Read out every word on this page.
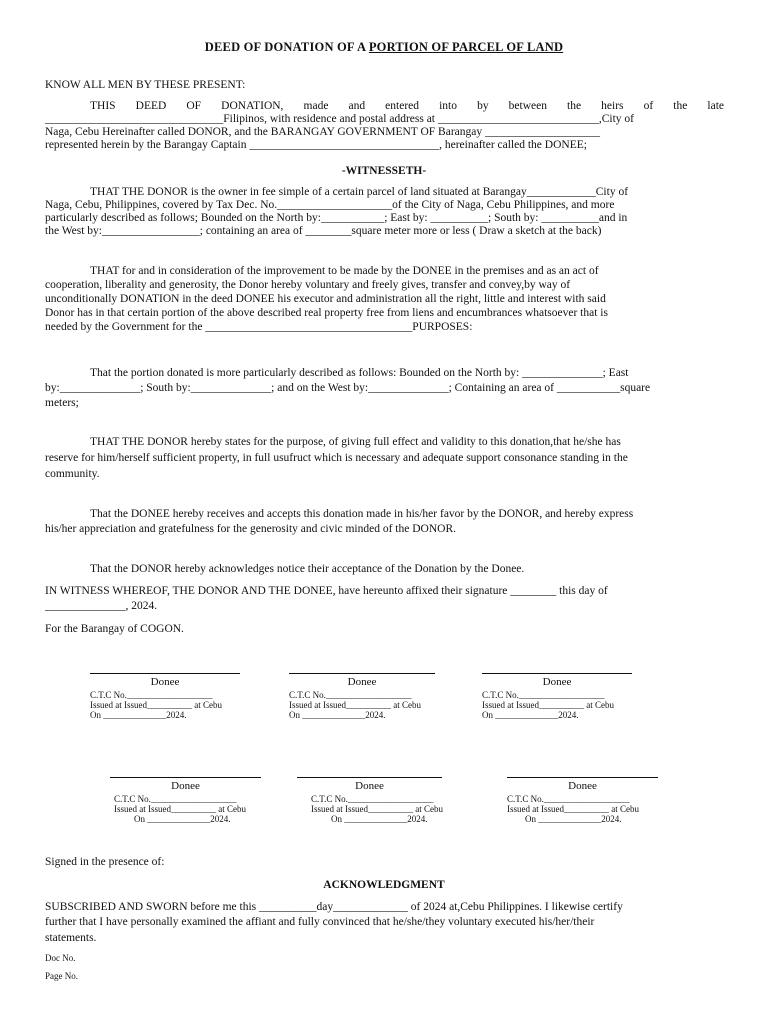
DEED OF DONATION OF A PORTION OF PARCEL OF LAND
KNOW ALL MEN BY THESE PRESENT:
THIS DEED OF DONATION, made and entered into by between the heirs of the late
_______________________________Filipinos, with residence and postal address at ____________________________,City of
Naga, Cebu Hereinafter called DONOR, and the BARANGAY GOVERNMENT OF Barangay ____________________
represented herein by the Barangay Captain _________________________________, hereinafter called the DONEE;
-WITNESSETH-
THAT THE DONOR is the owner in fee simple of a certain parcel of land situated at Barangay____________City of
Naga, Cebu, Philippines, covered by Tax Dec. No.____________________of the City of Naga, Cebu Philippines, and more
particularly described as follows; Bounded on the North by:___________; East by: __________; South by: __________and in
the West by:_________________; containing an area of ________square meter more or less ( Draw a sketch at the back)
THAT for and in consideration of the improvement to be made by the DONEE in the premises and as an act of
cooperation, liberality and generosity, the Donor hereby voluntary and freely gives, transfer and convey,by way of
unconditionally DONATION in the deed DONEE his executor and administration all the right, little and interest with said
Donor has in that certain portion of the above described real property free from liens and encumbrances whatsoever that is
needed by the Government for the ____________________________________PURPOSES:
That the portion donated is more particularly described as follows: Bounded on the North by: ______________; East
by:______________; South by:______________; and on the West by:______________; Containing an area of ___________square
meters;
THAT THE DONOR hereby states for the purpose, of giving full effect and validity to this donation,that he/she has
reserve for him/herself sufficient property, in full usufruct which is necessary and adequate support consonance standing in the
community.
That the DONEE hereby receives and accepts this donation made in his/her favor by the DONOR, and hereby express
his/her appreciation and gratefulness for the generosity and civic minded of the DONOR.
That the DONOR hereby acknowledges notice their acceptance of the Donation by the Donee.
IN WITNESS WHEREOF, THE DONOR AND THE DONEE, have hereunto affixed their signature ________ this day of
______________, 2024.
For the Barangay of COGON.
Donee
C.T.C No.___________________
Issued at Issued__________ at Cebu
On ______________2024.
Donee
C.T.C No.___________________
Issued at Issued__________ at Cebu
On ______________2024.
Donee
C.T.C No.___________________
Issued at Issued__________ at Cebu
On ______________2024.
Donee
C.T.C No.___________________
Issued at Issued__________ at Cebu
On ______________2024.
Donee
C.T.C No.___________________
Issued at Issued__________ at Cebu
On ______________2024.
Donee
C.T.C No.___________________
Issued at Issued__________ at Cebu
On ______________2024.
Signed in the presence of:
ACKNOWLEDGMENT
SUBSCRIBED AND SWORN before me this __________day_____________ of 2024 at,Cebu Philippines. I likewise certify
further that I have personally examined the affiant and fully convinced that he/she/they voluntary executed his/her/their
statements.
Doc No.
Page No.
